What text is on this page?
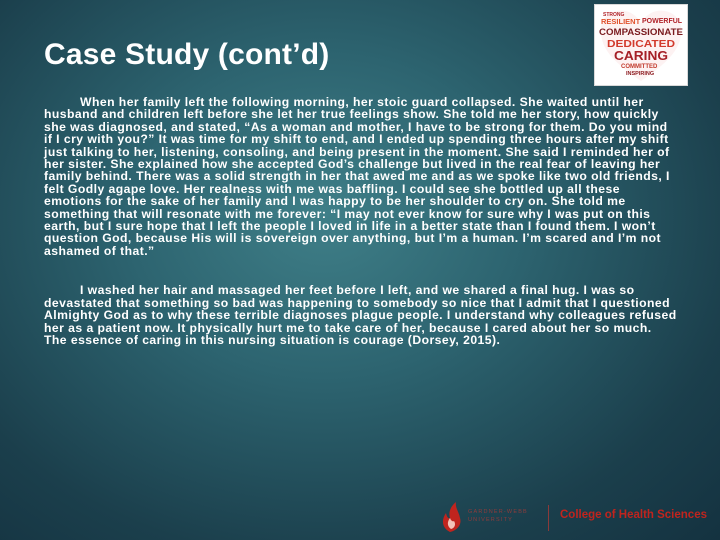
Case Study (cont’d)
STRONG
RESILIENT POWERFUL
COMPASSIONATE
DEDICATED
CARING
COMMITTED
INSPIRING

When her family left the following morning, her stoic guard collapsed. She waited until her husband and children left before she let her true feelings show. She told me her story, how quickly she was diagnosed, and stated, “As a woman and mother, I have to be strong for them. Do you mind if I cry with you?” It was time for my shift to end, and I ended up spending three hours after my shift just talking to her, listening, consoling, and being present in the moment. She said I reminded her of her sister. She explained how she accepted God’s challenge but lived in the real fear of leaving her family behind. There was a solid strength in her that awed me and as we spoke like two old friends, I felt Godly agape love. Her realness with me was baffling. I could see she bottled up all these emotions for the sake of her family and I was happy to be her shoulder to cry on. She told me something that will resonate with me forever: “I may not ever know for sure why I was put on this earth, but I sure hope that I left the people I loved in life in a better state than I found them. I won’t question God, because His will is sovereign over anything, but I’m a human. I’m scared and I’m not ashamed of that.”

I washed her hair and massaged her feet before I left, and we shared a final hug. I was so devastated that something so bad was happening to somebody so nice that I admit that I questioned Almighty God as to why these terrible diagnoses plague people. I understand why colleagues refused her as a patient now. It physically hurt me to take care of her, because I cared about her so much. The essence of caring in this nursing situation is courage (Dorsey, 2015).

GARDNER-WEBB UNIVERSITY	College of Health Sciences
